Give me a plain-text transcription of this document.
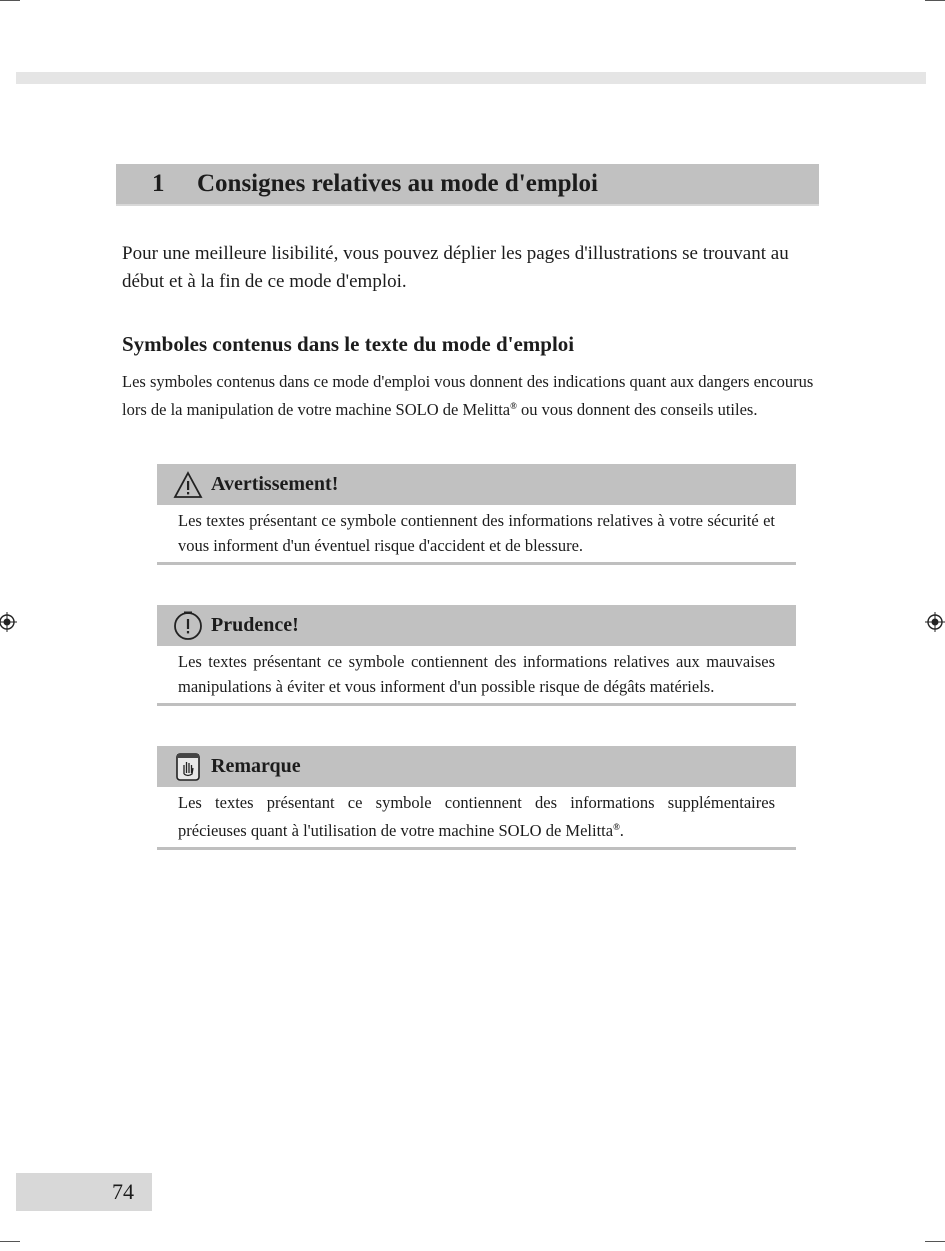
1	Consignes relatives au mode d'emploi
Pour une meilleure lisibilité, vous pouvez déplier les pages d'illustrations se trouvant au début et à la fin de ce mode d'emploi.
Symboles contenus dans le texte du mode d'emploi
Les symboles contenus dans ce mode d'emploi vous donnent des indications quant aux dangers encourus lors de la manipulation de votre machine SOLO de Melitta® ou vous donnent des conseils utiles.
Avertissement!
Les textes présentant ce symbole contiennent des informations relatives à votre sécurité et vous informent d'un éventuel risque d'accident et de blessure.
Prudence!
Les textes présentant ce symbole contiennent des informations relatives aux mauvaises manipulations à éviter et vous informent d'un possible risque de dégâts matériels.
Remarque
Les textes présentant ce symbole contiennent des informations supplémentaires précieuses quant à l'utilisation de votre machine SOLO de Melitta®.
74
